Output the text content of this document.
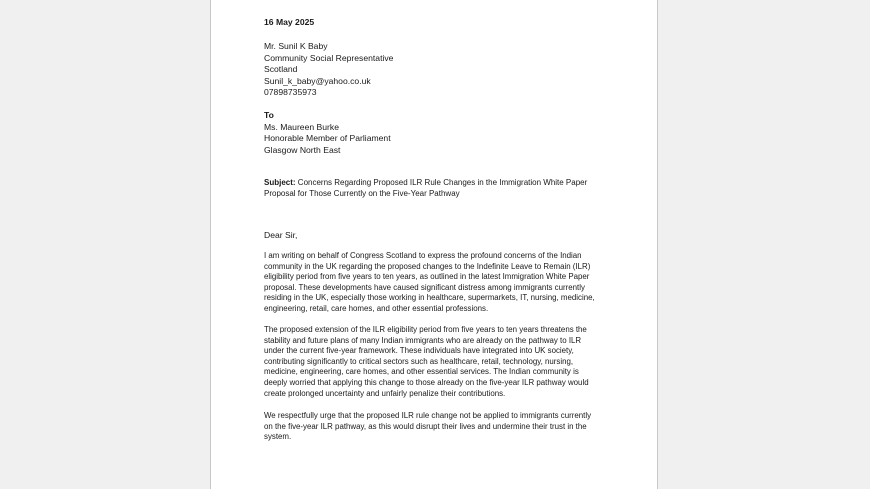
16 May 2025
Mr. Sunil K Baby
Community Social Representative
Scotland
Sunil_k_baby@yahoo.co.uk
07898735973
To
Ms. Maureen Burke
Honorable Member of Parliament
Glasgow North East
Subject: Concerns Regarding Proposed ILR Rule Changes in the Immigration White Paper
Proposal for Those Currently on the Five-Year Pathway
Dear Sir,
I am writing on behalf of Congress Scotland to express the profound concerns of the Indian
community in the UK regarding the proposed changes to the Indefinite Leave to Remain (ILR)
eligibility period from five years to ten years, as outlined in the latest Immigration White Paper
proposal. These developments have caused significant distress among immigrants currently
residing in the UK, especially those working in healthcare, supermarkets, IT, nursing, medicine,
engineering, retail, care homes, and other essential professions.
The proposed extension of the ILR eligibility period from five years to ten years threatens the
stability and future plans of many Indian immigrants who are already on the pathway to ILR
under the current five-year framework. These individuals have integrated into UK society,
contributing significantly to critical sectors such as healthcare, retail, technology, nursing,
medicine, engineering, care homes, and other essential services. The Indian community is
deeply worried that applying this change to those already on the five-year ILR pathway would
create prolonged uncertainty and unfairly penalize their contributions.
We respectfully urge that the proposed ILR rule change not be applied to immigrants currently
on the five-year ILR pathway, as this would disrupt their lives and undermine their trust in the
system.
